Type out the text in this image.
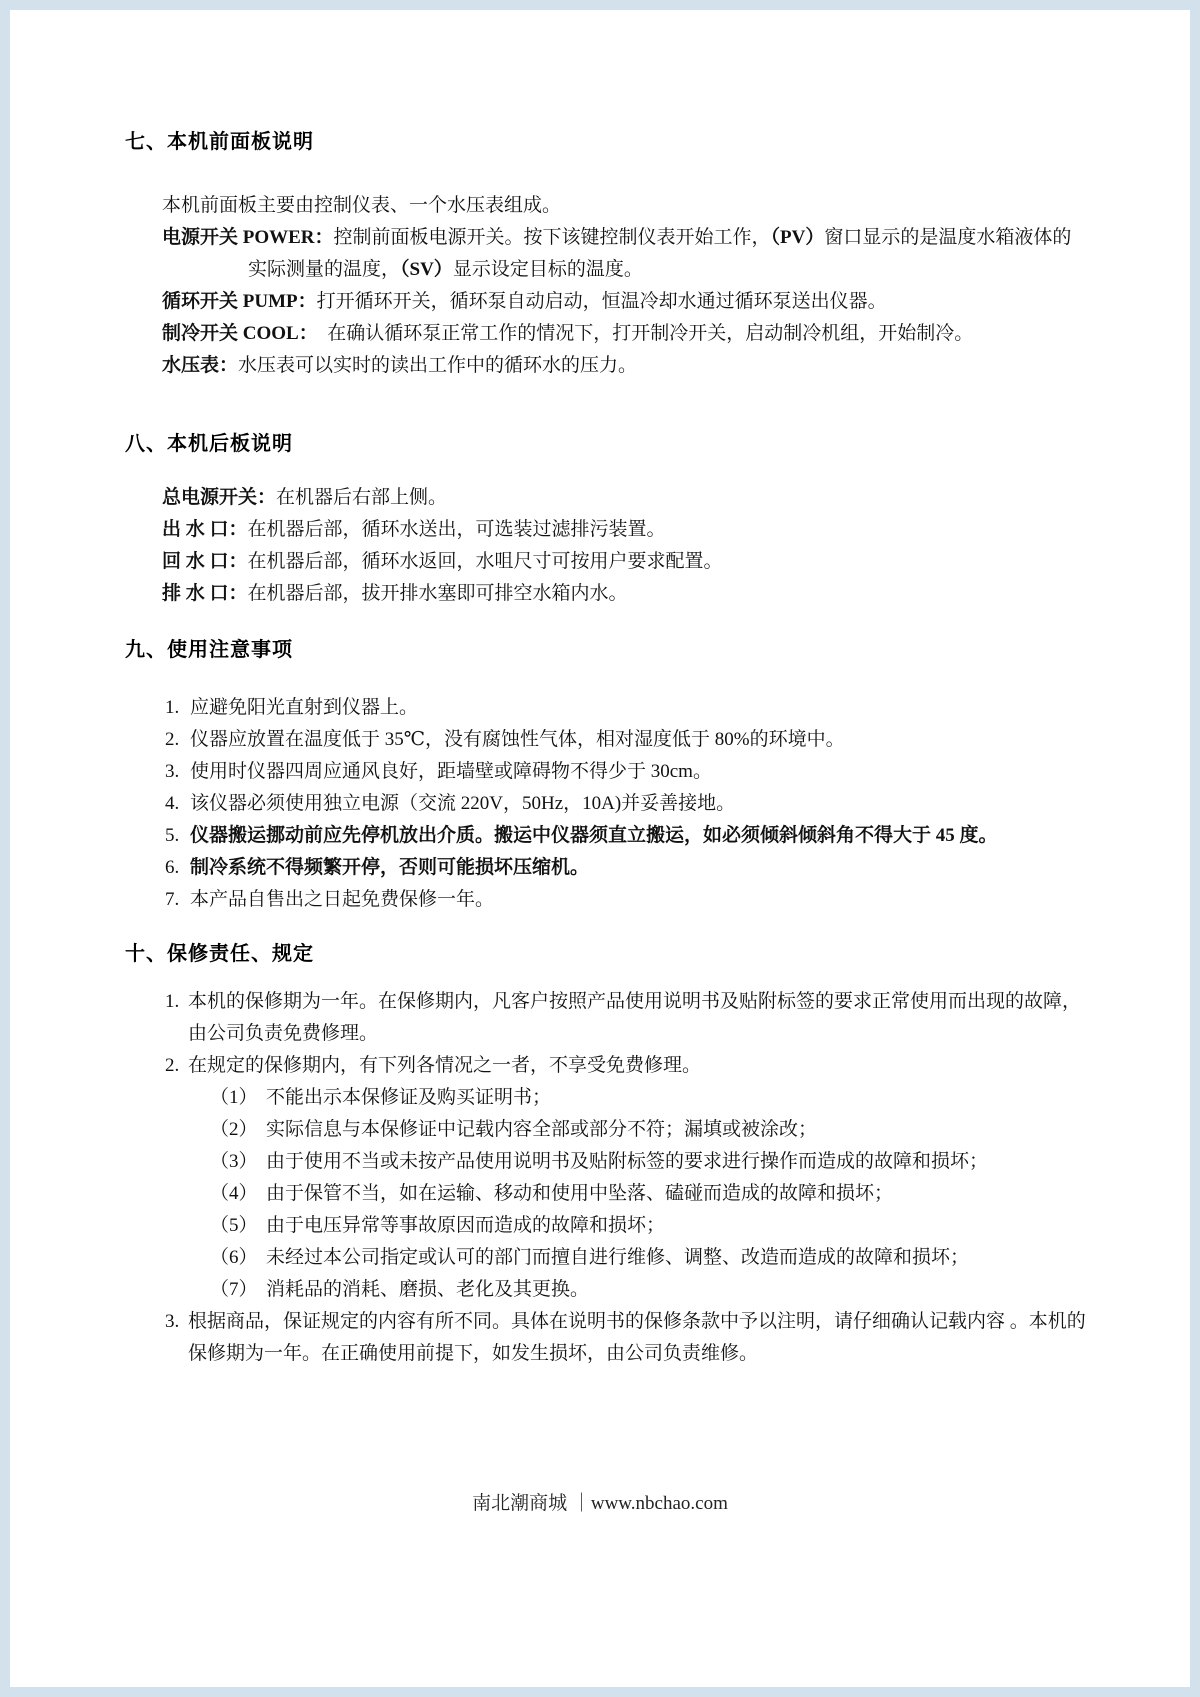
七、本机前面板说明

本机前面板主要由控制仪表、一个水压表组成。

电源开关 POWER：控制前面板电源开关。按下该键控制仪表开始工作，（PV）窗口显示的是温度水箱液体的实际测量的温度，（SV）显示设定目标的温度。

循环开关 PUMP：打开循环开关，循环泵自动启动，恒温冷却水通过循环泵送出仪器。

制冷开关 COOL：　在确认循环泵正常工作的情况下，打开制冷开关，启动制冷机组，开始制冷。

水压表：水压表可以实时的读出工作中的循环水的压力。

八、本机后板说明

总电源开关：在机器后右部上侧。

出 水 口：在机器后部，循环水送出，可选装过滤排污装置。

回 水 口：在机器后部，循环水返回，水咀尺寸可按用户要求配置。

排 水 口：在机器后部，拔开排水塞即可排空水箱内水。

九、使用注意事项
1. 应避免阳光直射到仪器上。
2. 仪器应放置在温度低于 35℃，没有腐蚀性气体，相对湿度低于 80%的环境中。
3. 使用时仪器四周应通风良好，距墙壁或障碍物不得少于 30cm。
4. 该仪器必须使用独立电源（交流 220V，50Hz，10A)并妥善接地。
5. 仪器搬运挪动前应先停机放出介质。搬运中仪器须直立搬运，如必须倾斜倾斜角不得大于 45 度。
6. 制冷系统不得频繁开停，否则可能损坏压缩机。
7. 本产品自售出之日起免费保修一年。
十、保修责任、规定
1. 本机的保修期为一年。在保修期内，凡客户按照产品使用说明书及贴附标签的要求正常使用而出现的故障，由公司负责免费修理。
2. 在规定的保修期内，有下列各情况之一者，不享受免费修理。
（1） 不能出示本保修证及购买证明书；
（2） 实际信息与本保修证中记载内容全部或部分不符；漏填或被涂改；
（3） 由于使用不当或未按产品使用说明书及贴附标签的要求进行操作而造成的故障和损坏；
（4） 由于保管不当，如在运输、移动和使用中坠落、磕碰而造成的故障和损坏；
（5） 由于电压异常等事故原因而造成的故障和损坏；
（6） 未经过本公司指定或认可的部门而擅自进行维修、调整、改造而造成的故障和损坏；
（7） 消耗品的消耗、磨损、老化及其更换。
3. 根据商品，保证规定的内容有所不同。具体在说明书的保修条款中予以注明，请仔细确认记载内容 。本机的保修期为一年。在正确使用前提下，如发生损坏，由公司负责维修。
南北潮商城 ｜www.nbchao.com
